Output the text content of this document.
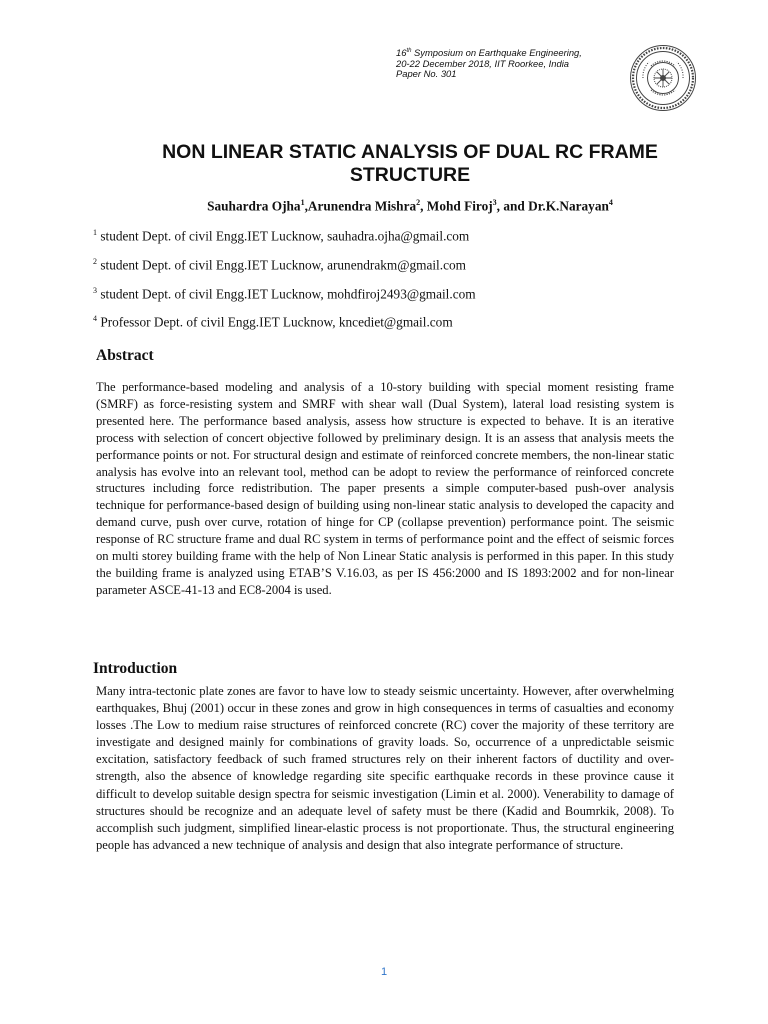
16th Symposium on Earthquake Engineering,
20-22 December 2018, IIT Roorkee, India
Paper No. 301
NON LINEAR STATIC ANALYSIS OF DUAL RC FRAME
STRUCTURE
Sauhardra Ojha$^1$,Arunendra Mishra$^2$, Mohd Firoj$^3$, and Dr.K.Narayan$^4$
$^1$ student Dept. of civil Engg.IET Lucknow, sauhadra.ojha@gmail.com
$^2$ student Dept. of civil Engg.IET Lucknow, arunendrakm@gmail.com
$^3$ student Dept. of civil Engg.IET Lucknow, mohdfiroj2493@gmail.com
$^4$ Professor Dept. of civil Engg.IET Lucknow, kncediet@gmail.com
Abstract

The performance-based modeling and analysis of a 10-story building with special moment resisting frame (SMRF) as force-resisting system and SMRF with shear wall (Dual System), lateral load resisting system is presented here. The performance based analysis, assess how structure is expected to behave. It is an iterative process with selection of concert objective followed by preliminary design. It is an assess that analysis meets the performance points or not. For structural design and estimate of reinforced concrete members, the non-linear static analysis has evolve into an relevant tool, method can be adopt to review the performance of reinforced concrete structures including force redistribution. The paper presents a simple computer-based push-over analysis technique for performance-based design of building using non-linear static analysis to developed the capacity and demand curve, push over curve, rotation of hinge for CP (collapse prevention) performance point. The seismic response of RC structure frame and dual RC system in terms of performance point and the effect of seismic forces on multi storey building frame with the help of Non Linear Static analysis is performed in this paper. In this study the building frame is analyzed using ETAB’S V.16.03, as per IS 456:2000 and IS 1893:2002 and for non-linear parameter ASCE-41-13 and EC8-2004 is used.

Introduction

Many intra-tectonic plate zones are favor to have low to steady seismic uncertainty. However, after overwhelming earthquakes, Bhuj (2001) occur in these zones and grow in high consequences in terms of casualties and economy losses .The Low to medium raise structures of reinforced concrete (RC) cover the majority of these territory are investigate and designed mainly for combinations of gravity loads. So, occurrence of a unpredictable seismic excitation, satisfactory feedback of such framed structures rely on their inherent factors of ductility and over-strength, also the absence of knowledge regarding site specific earthquake records in these province cause it difficult to develop suitable design spectra for seismic investigation (Limin et al. 2000). Venerability to damage of structures should be recognize and an adequate level of safety must be there (Kadid and Boumrkik, 2008). To accomplish such judgment, simplified linear-elastic process is not proportionate. Thus, the structural engineering people has advanced a new technique of analysis and design that also integrate performance of structure.

1
